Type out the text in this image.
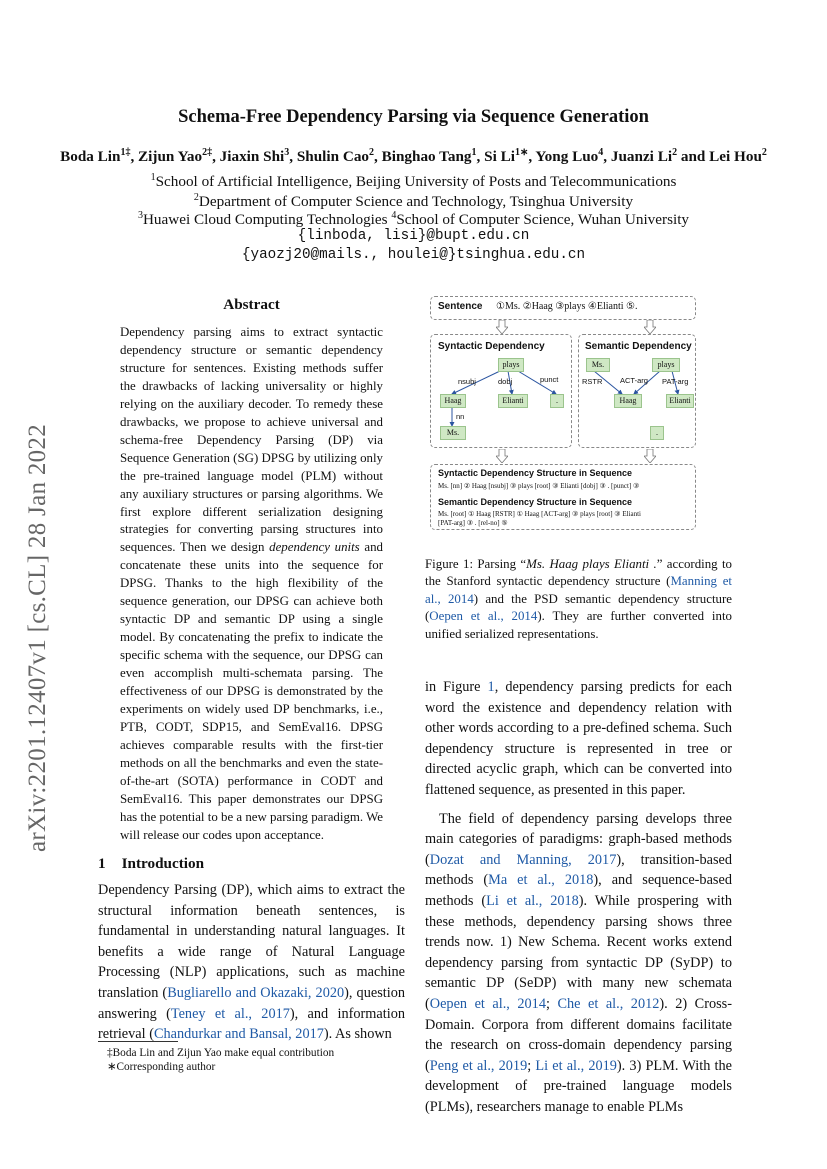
arXiv:2201.12407v1 [cs.CL] 28 Jan 2022
Schema-Free Dependency Parsing via Sequence Generation
Boda Lin$^{1\ddagger}$, Zijun Yao$^{2\ddagger}$, Jiaxin Shi$^3$, Shulin Cao$^2$, Binghao Tang$^1$, Si $Li^{1∗}$, Yong Luo$^4$, Juanzi Li$^2$ and Lei Hou$^2$
$^1$School of Artificial Intelligence, Beijing University of Posts and Telecommunications
$^2$Department of Computer Science and Technology, Tsinghua University
$^3$Huawei Cloud Computing Technologies $^4$School of Computer Science, Wuhan University
{linboda, lisi}@bupt.edu.cn
{yaozj20@mails., houlei@}tsinghua.edu.cn
Abstract
Dependency parsing aims to extract syntactic dependency structure or semantic dependency structure for sentences. Existing methods suffer the drawbacks of lacking universality or highly relying on the auxiliary decoder. To remedy these drawbacks, we propose to achieve universal and schema-free Dependency Parsing (DP) via Sequence Generation (SG) DPSG by utilizing only the pre-trained language model (PLM) without any auxiliary structures or parsing algorithms. We first explore different serialization designing strategies for converting parsing structures into sequences. Then we design dependency units and concatenate these units into the sequence for DPSG. Thanks to the high flexibility of the sequence generation, our DPSG can achieve both syntactic DP and semantic DP using a single model. By concatenating the prefix to indicate the specific schema with the sequence, our DPSG can even accomplish multi-schemata parsing. The effectiveness of our DPSG is demonstrated by the experiments on widely used DP benchmarks, i.e., PTB, CODT, SDP15, and SemEval16. DPSG achieves comparable results with the first-tier methods on all the benchmarks and even the state-of-the-art (SOTA) performance in CODT and SemEval16. This paper demonstrates our DPSG has the potential to be a new parsing paradigm. We will release our codes upon acceptance.
1 Introduction
Dependency Parsing (DP), which aims to extract the structural information beneath sentences, is fundamental in understanding natural languages. It benefits a wide range of Natural Language Processing (NLP) applications, such as machine translation (Bugliarello and Okazaki, 2020), question answering (Teney et al., 2017), and information retrieval (Chandurkar and Bansal, 2017). As shown
‡Boda Lin and Zijun Yao make equal contribution
∗Corresponding author
Sentence ①Ms. ②Haag ③plays ④Elianti ⑤.
Syntactic Dependency
plays
Haag	Elianti	.
Ms.
nsubj	dobj	punct
nn
Semantic Dependency
Ms.	plays
Haag	Elianti
.
RSTR ACT-arg PAT-arg
Syntactic Dependency Structure in Sequence
Ms. [nn] ② Haag [nsubj] ③ plays [root] ③ Elianti [dobj] ③ . [punct] ③
Semantic Dependency Structure in Sequence
Ms. [root] ① Haag [RSTR] ① Haag [ACT-arg] ③ plays [root] ③ Elianti
[PAT-arg] ③ . [rel-no] ⑤
Figure 1: Parsing “Ms. Haag plays Elianti .” according to the Stanford syntactic dependency structure (Manning et al., 2014) and the PSD semantic dependency structure (Oepen et al., 2014). They are further converted into unified serialized representations.

in Figure 1, dependency parsing predicts for each word the existence and dependency relation with other words according to a pre-defined schema. Such dependency structure is represented in tree or directed acyclic graph, which can be converted into flattened sequence, as presented in this paper.

The field of dependency parsing develops three main categories of paradigms: graph-based methods (Dozat and Manning, 2017), transition-based methods (Ma et al., 2018), and sequence-based methods (Li et al., 2018). While prospering with these methods, dependency parsing shows three trends now. 1) New Schema. Recent works extend dependency parsing from syntactic DP (SyDP) to semantic DP (SeDP) with many new schemata (Oepen et al., 2014; Che et al., 2012). 2) Cross-Domain. Corpora from different domains facilitate the research on cross-domain dependency parsing (Peng et al., 2019; Li et al., 2019). 3) PLM. With the development of pre-trained language models (PLMs), researchers manage to enable PLMs
